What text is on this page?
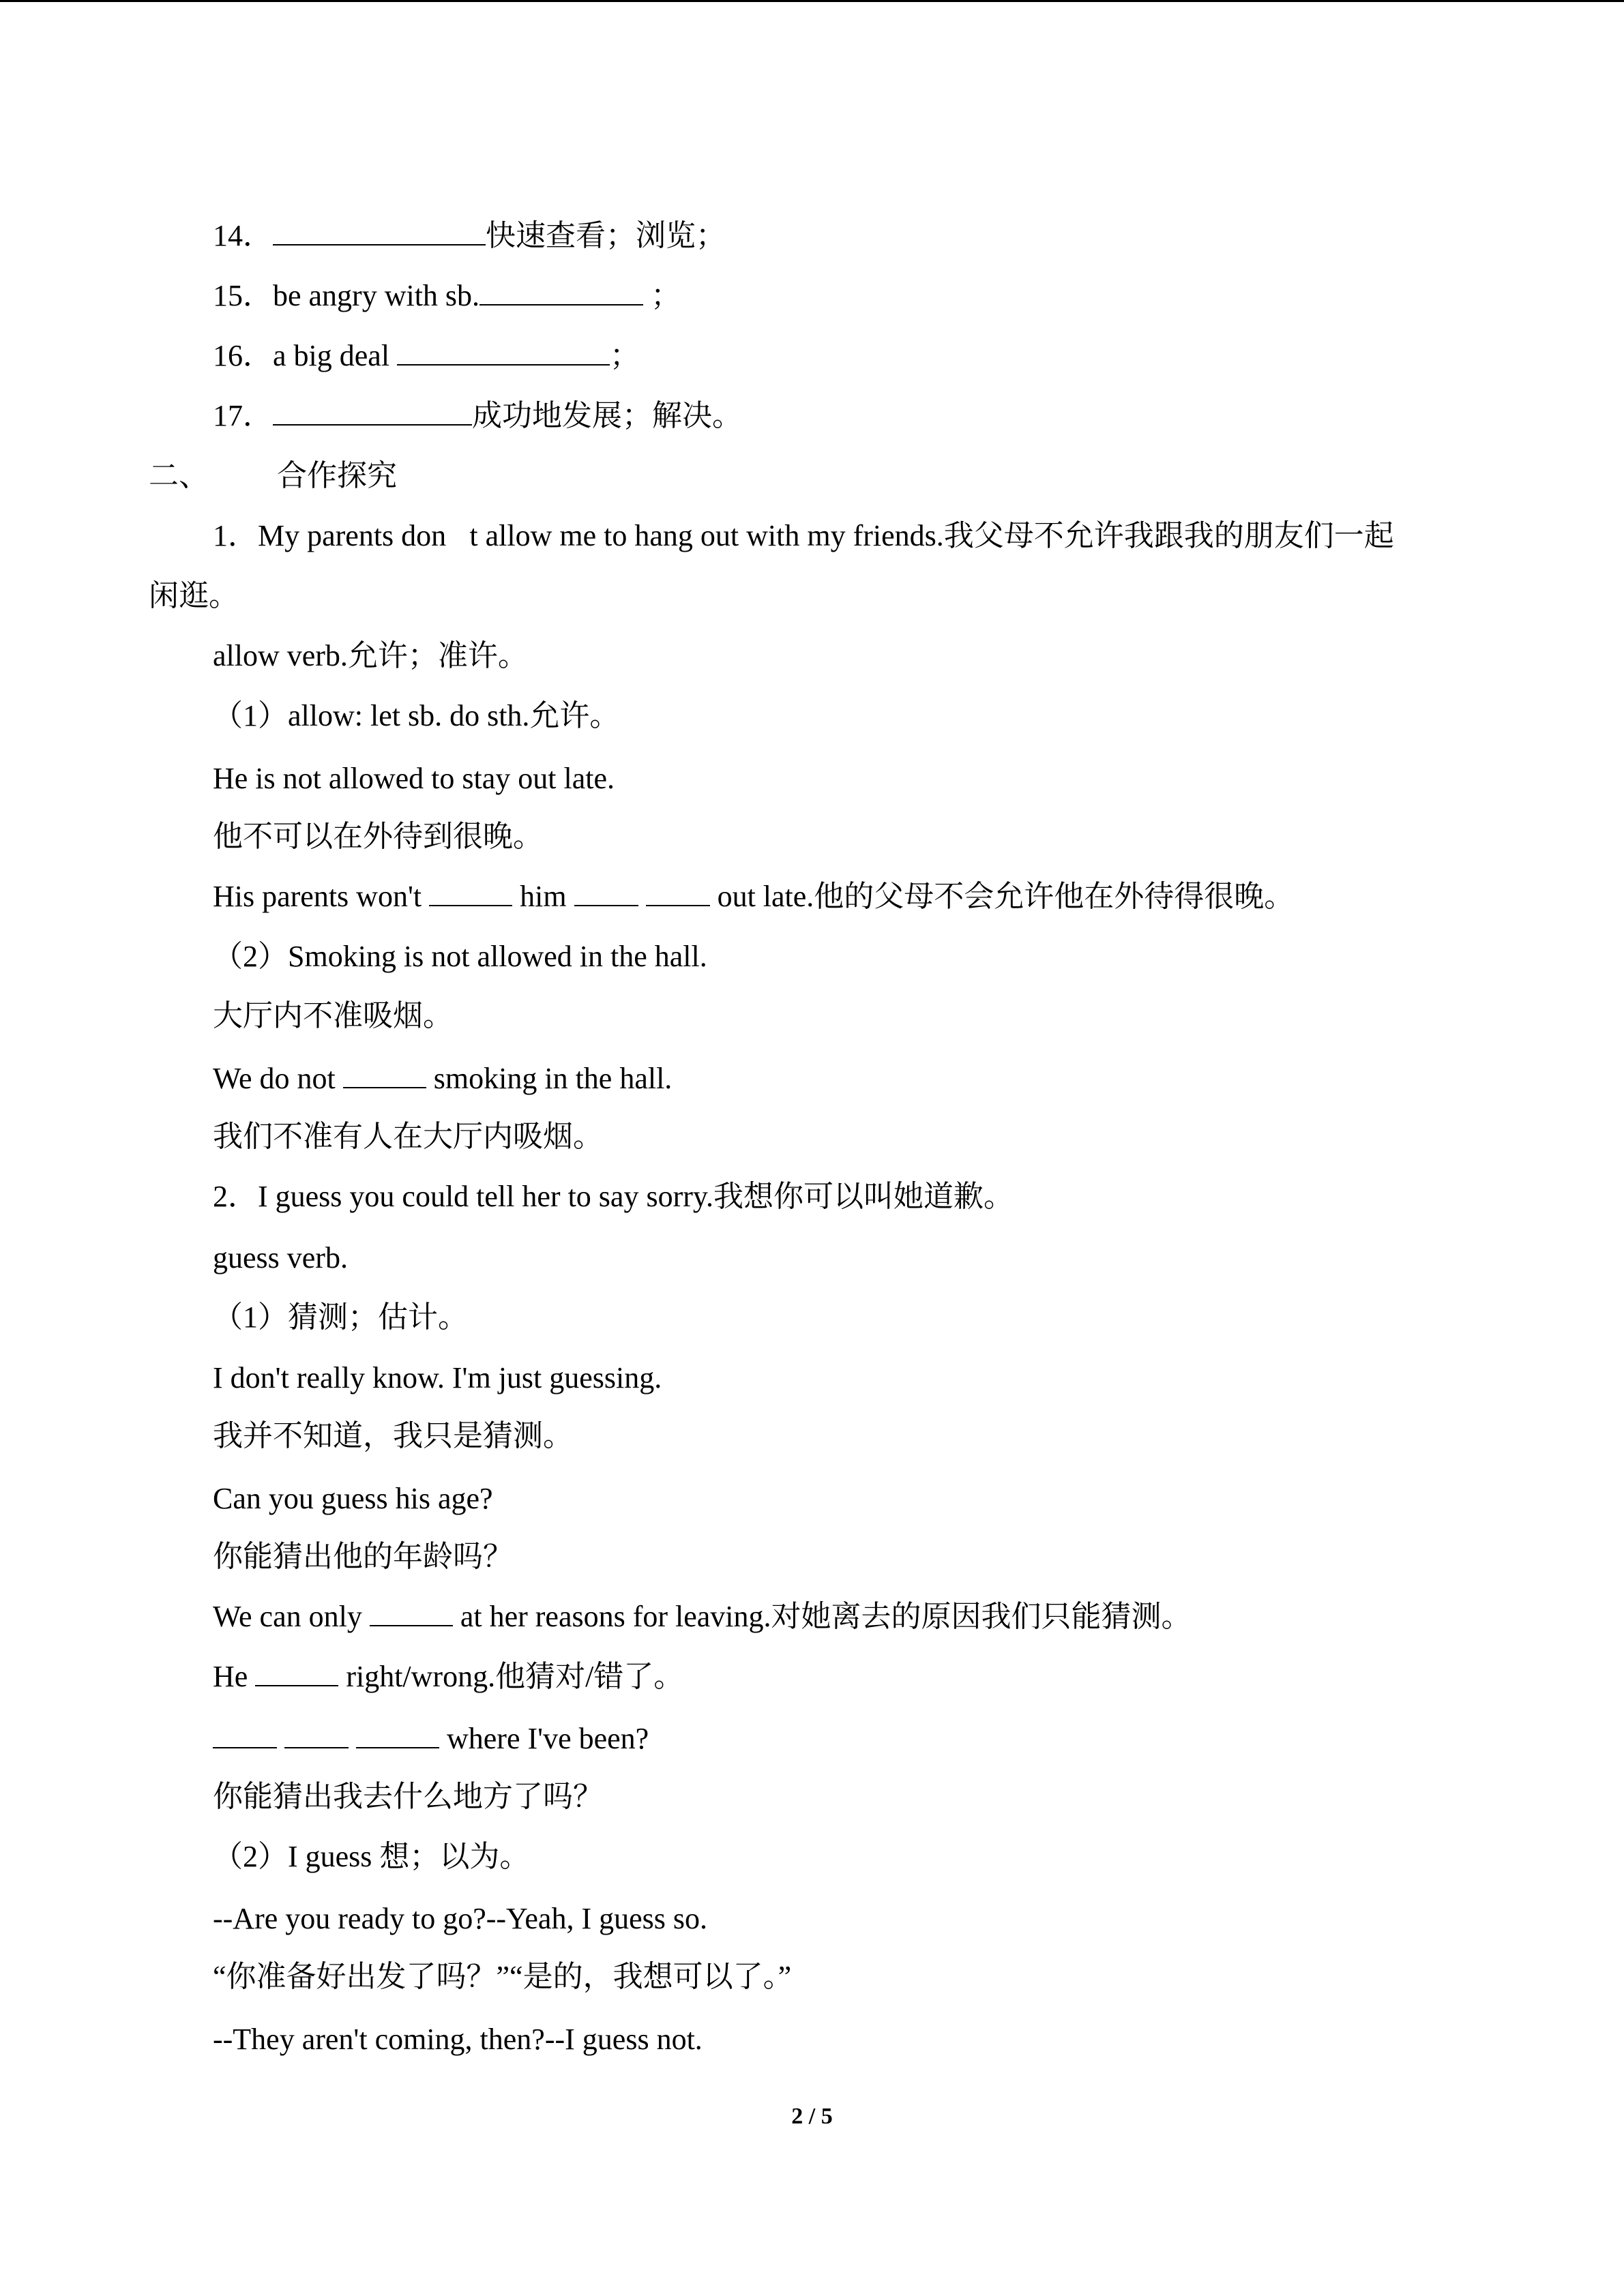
14．	快速查看；浏览；
15．be angry with sb.	；
16．a big deal	；
17．	成功地发展；解决。
二、 合作探究
1．My parents don t allow me to hang out with my friends.我父母不允许我跟我的朋友们一起
闲逛。
allow verb.允许；准许。
（1）allow: let sb. do sth.允许。
He is not allowed to stay out late.
他不可以在外待到很晚。
His parents won't	him	out late.他的父母不会允许他在外待得很晚。
（2）Smoking is not allowed in the hall.
大厅内不准吸烟。
We do not	smoking in the hall.
我们不准有人在大厅内吸烟。
2．I guess you could tell her to say sorry.我想你可以叫她道歉。
guess verb.
（1）猜测；估计。
I don't really know. I'm just guessing.
我并不知道，我只是猜测。
Can you guess his age?
你能猜出他的年龄吗？
We can only	at her reasons for leaving.对她离去的原因我们只能猜测。
He	right/wrong.他猜对/错了。
where I've been?
你能猜出我去什么地方了吗？
（2）I guess 想；以为。
--Are you ready to go?--Yeah, I guess so.
“你准备好出发了吗？”“是的，我想可以了。”
--They aren't coming, then?--I guess not.
2 / 5
